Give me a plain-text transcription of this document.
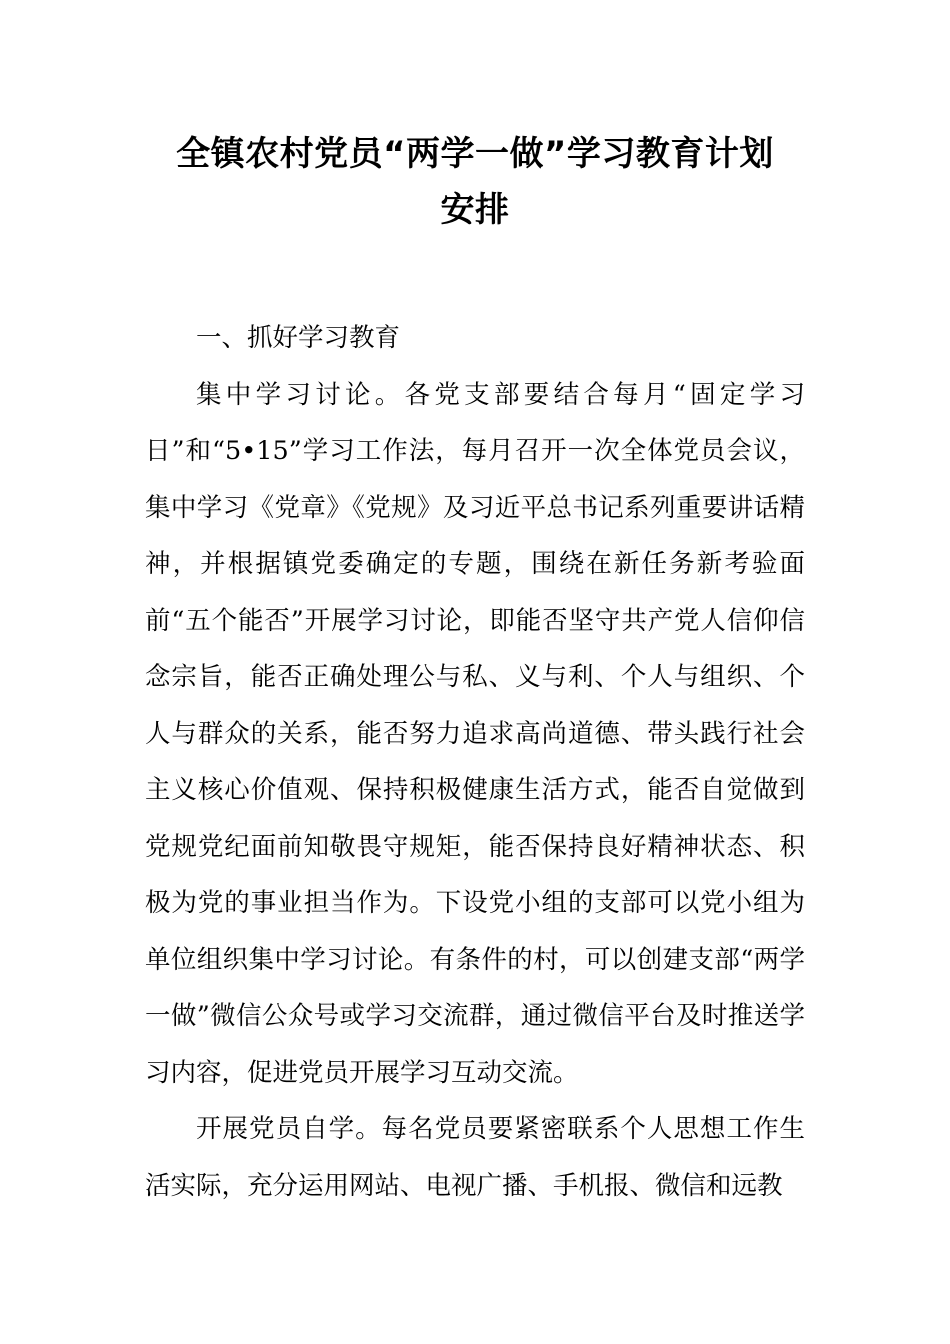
全镇农村党员“两学一做”学习教育计划
安排

一、抓好学习教育

集中学习讨论。各党支部要结合每月“固定学习日”和“5•15”学习工作法，每月召开一次全体党员会议，集中学习《党章》《党规》及习近平总书记系列重要讲话精神，并根据镇党委确定的专题，围绕在新任务新考验面前“五个能否”开展学习讨论，即能否坚守共产党人信仰信念宗旨，能否正确处理公与私、义与利、个人与组织、个人与群众的关系，能否努力追求高尚道德、带头践行社会主义核心价值观、保持积极健康生活方式，能否自觉做到党规党纪面前知敬畏守规矩，能否保持良好精神状态、积极为党的事业担当作为。下设党小组的支部可以党小组为单位组织集中学习讨论。有条件的村，可以创建支部“两学一做”微信公众号或学习交流群，通过微信平台及时推送学习内容，促进党员开展学习互动交流。

开展党员自学。每名党员要紧密联系个人思想工作生活实际，充分运用网站、电视广播、手机报、微信和远教
